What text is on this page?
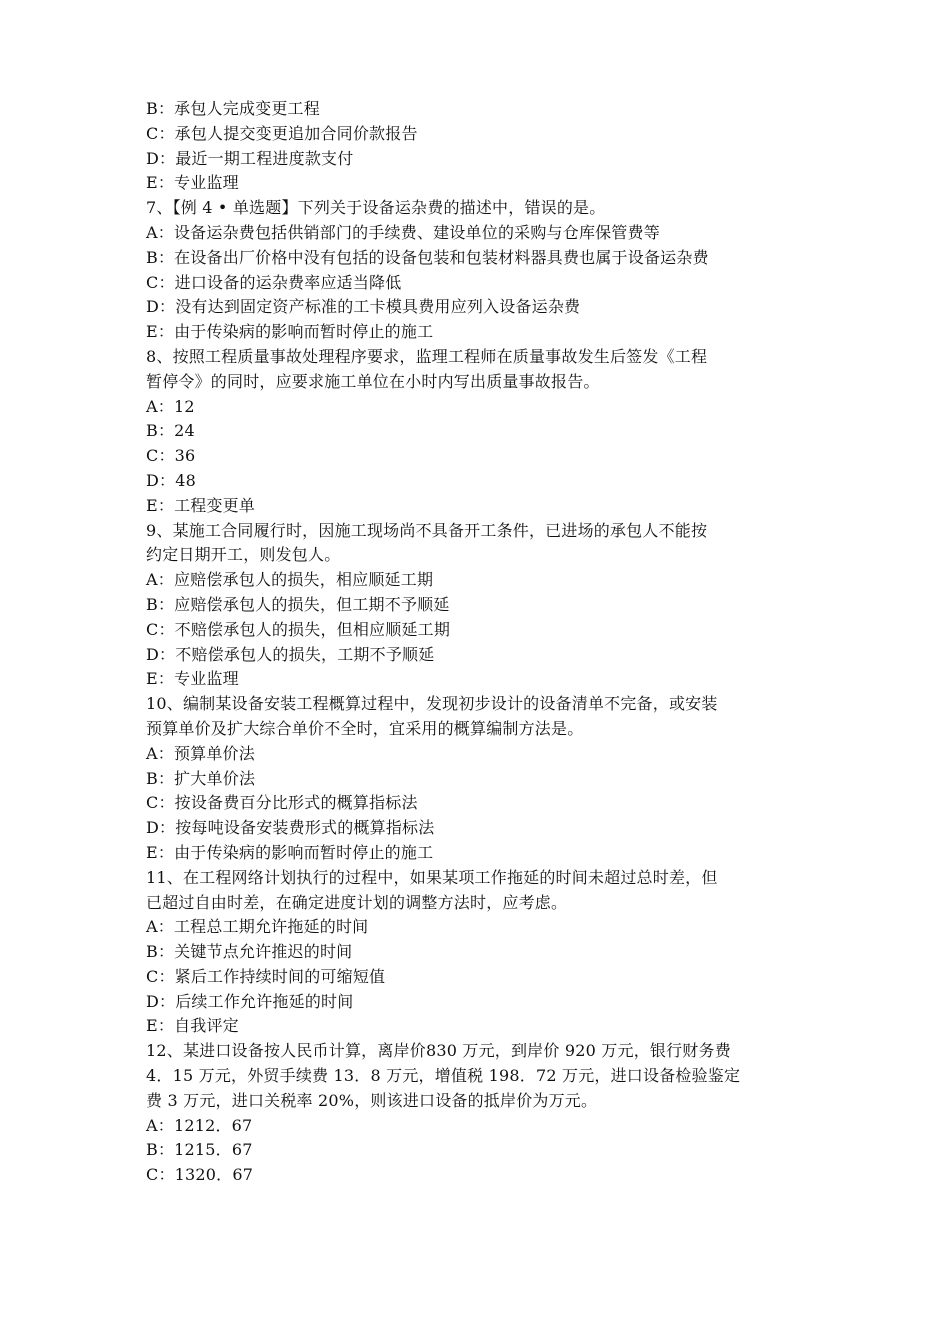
B：承包人完成变更工程
C：承包人提交变更追加合同价款报告
D：最近一期工程进度款支付
E：专业监理
7、【例 4 • 单选题】下列关于设备运杂费的描述中，错误的是。
A：设备运杂费包括供销部门的手续费、建设单位的采购与仓库保管费等
B：在设备出厂价格中没有包括的设备包装和包装材料器具费也属于设备运杂费
C：进口设备的运杂费率应适当降低
D：没有达到固定资产标准的工卡模具费用应列入设备运杂费
E：由于传染病的影响而暂时停止的施工
8、按照工程质量事故处理程序要求，监理工程师在质量事故发生后签发《工程
暂停令》的同时，应要求施工单位在小时内写出质量事故报告。
A：12
B：24
C：36
D：48
E：工程变更单
9、某施工合同履行时，因施工现场尚不具备开工条件，已进场的承包人不能按
约定日期开工，则发包人。
A：应赔偿承包人的损失，相应顺延工期
B：应赔偿承包人的损失，但工期不予顺延
C：不赔偿承包人的损失，但相应顺延工期
D：不赔偿承包人的损失，工期不予顺延
E：专业监理
10、编制某设备安装工程概算过程中，发现初步设计的设备清单不完备，或安装
预算单价及扩大综合单价不全时，宜采用的概算编制方法是。
A：预算单价法
B：扩大单价法
C：按设备费百分比形式的概算指标法
D：按每吨设备安装费形式的概算指标法
E：由于传染病的影响而暂时停止的施工
11、在工程网络计划执行的过程中，如果某项工作拖延的时间未超过总时差，但
已超过自由时差，在确定进度计划的调整方法时，应考虑。
A：工程总工期允许拖延的时间
B：关键节点允许推迟的时间
C：紧后工作持续时间的可缩短值
D：后续工作允许拖延的时间
E：自我评定
12、某进口设备按人民币计算，离岸价830 万元，到岸价 920 万元，银行财务费
4．15 万元，外贸手续费 13．8 万元，增值税 198．72 万元，进口设备检验鉴定
费 3 万元，进口关税率 20%，则该进口设备的抵岸价为万元。
A：1212．67
B：1215．67
C：1320．67
